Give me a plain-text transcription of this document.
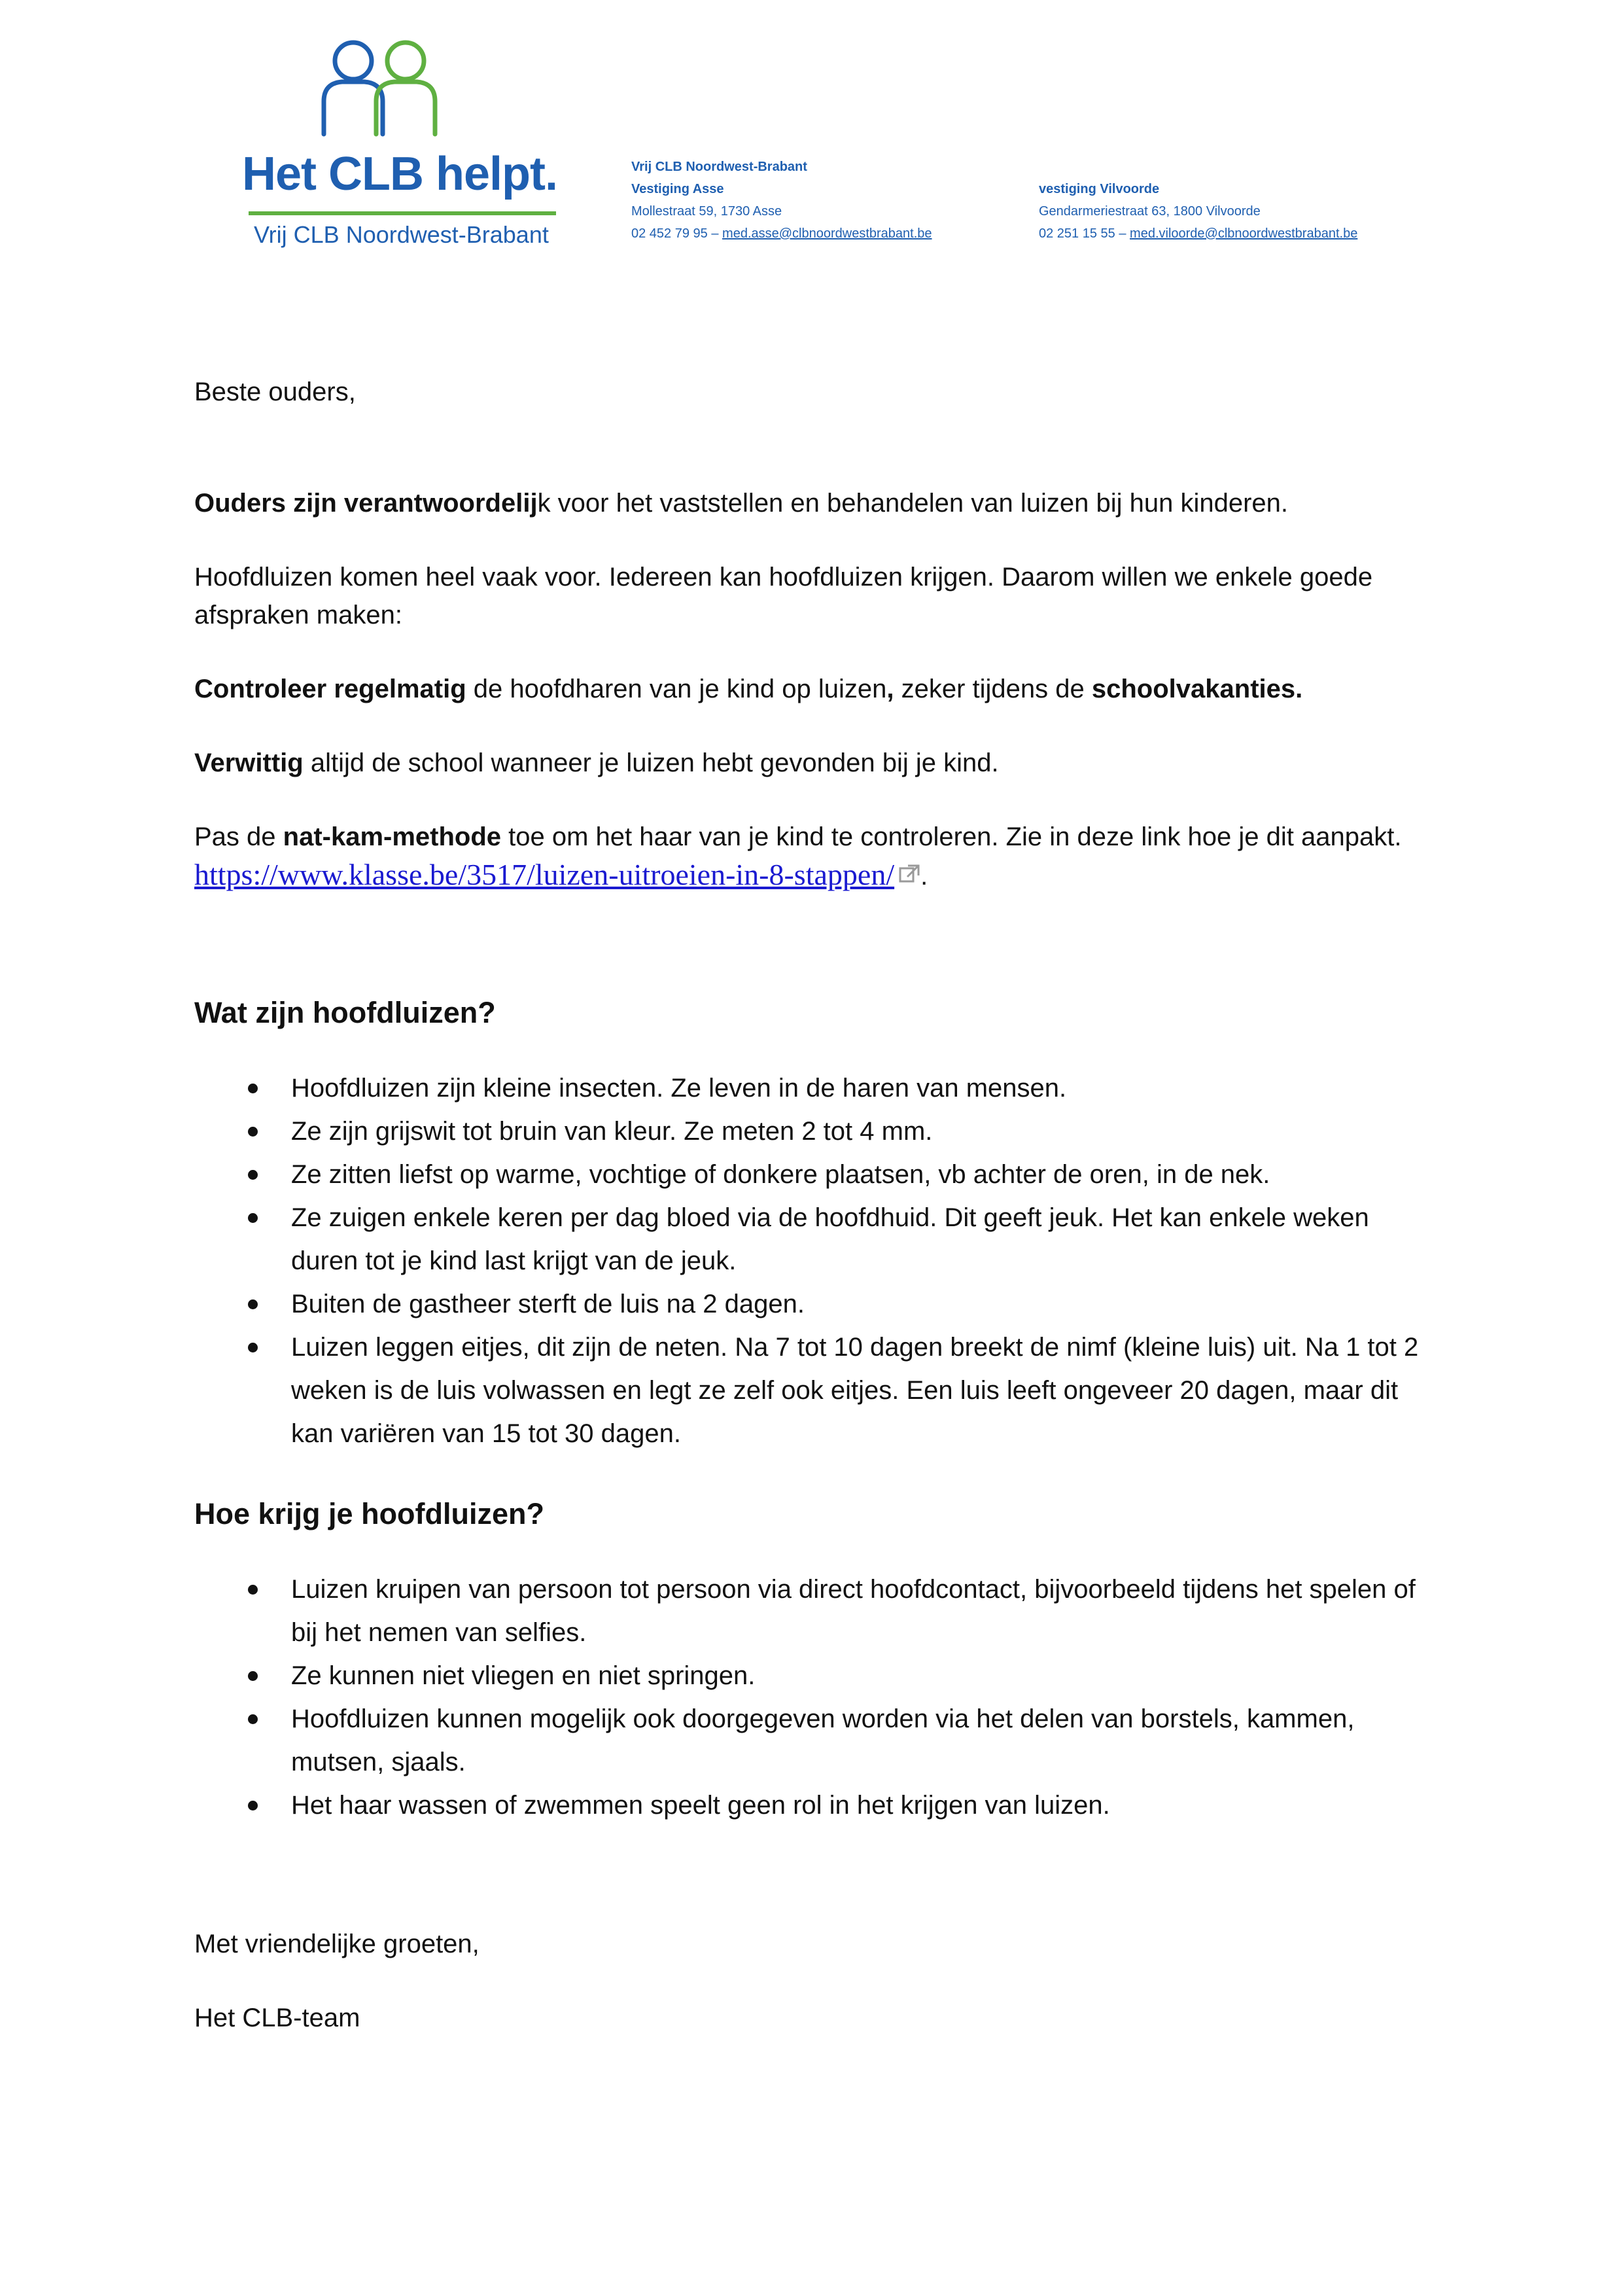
Het CLB helpt.
Vrij CLB Noordwest-Brabant
Vrij CLB Noordwest-Brabant
Vestiging Asse
Mollestraat 59, 1730 Asse
02 452 79 95 – med.asse@clbnoordwestbrabant.be
vestiging Vilvoorde
Gendarmeriestraat 63, 1800 Vilvoorde
02 251 15 55 – med.viloorde@clbnoordwestbrabant.be

Beste ouders,

Ouders zijn verantwoordelijk voor het vaststellen en behandelen van luizen bij hun kinderen.

Hoofdluizen komen heel vaak voor. Iedereen kan hoofdluizen krijgen. Daarom willen we enkele goede afspraken maken:

Controleer regelmatig de hoofdharen van je kind op luizen, zeker tijdens de schoolvakanties.

Verwittig altijd de school wanneer je luizen hebt gevonden bij je kind.

Pas de nat-kam-methode toe om het haar van je kind te controleren. Zie in deze link hoe je dit aanpakt. https://www.klasse.be/3517/luizen-uitroeien-in-8-stappen/ .

Wat zijn hoofdluizen?
Hoofdluizen zijn kleine insecten. Ze leven in de haren van mensen.
Ze zijn grijswit tot bruin van kleur. Ze meten 2 tot 4 mm.
Ze zitten liefst op warme, vochtige of donkere plaatsen, vb achter de oren, in de nek.
Ze zuigen enkele keren per dag bloed via de hoofdhuid. Dit geeft jeuk. Het kan enkele weken duren tot je kind last krijgt van de jeuk.
Buiten de gastheer sterft de luis na 2 dagen.
Luizen leggen eitjes, dit zijn de neten. Na 7 tot 10 dagen breekt de nimf (kleine luis) uit. Na 1 tot 2 weken is de luis volwassen en legt ze zelf ook eitjes. Een luis leeft ongeveer 20 dagen, maar dit kan variëren van 15 tot 30 dagen.
Hoe krijg je hoofdluizen?
Luizen kruipen van persoon tot persoon via direct hoofdcontact, bijvoorbeeld tijdens het spelen of bij het nemen van selfies.
Ze kunnen niet vliegen en niet springen.
Hoofdluizen kunnen mogelijk ook doorgegeven worden via het delen van borstels, kammen, mutsen, sjaals.
Het haar wassen of zwemmen speelt geen rol in het krijgen van luizen.

Met vriendelijke groeten,

Het CLB-team
